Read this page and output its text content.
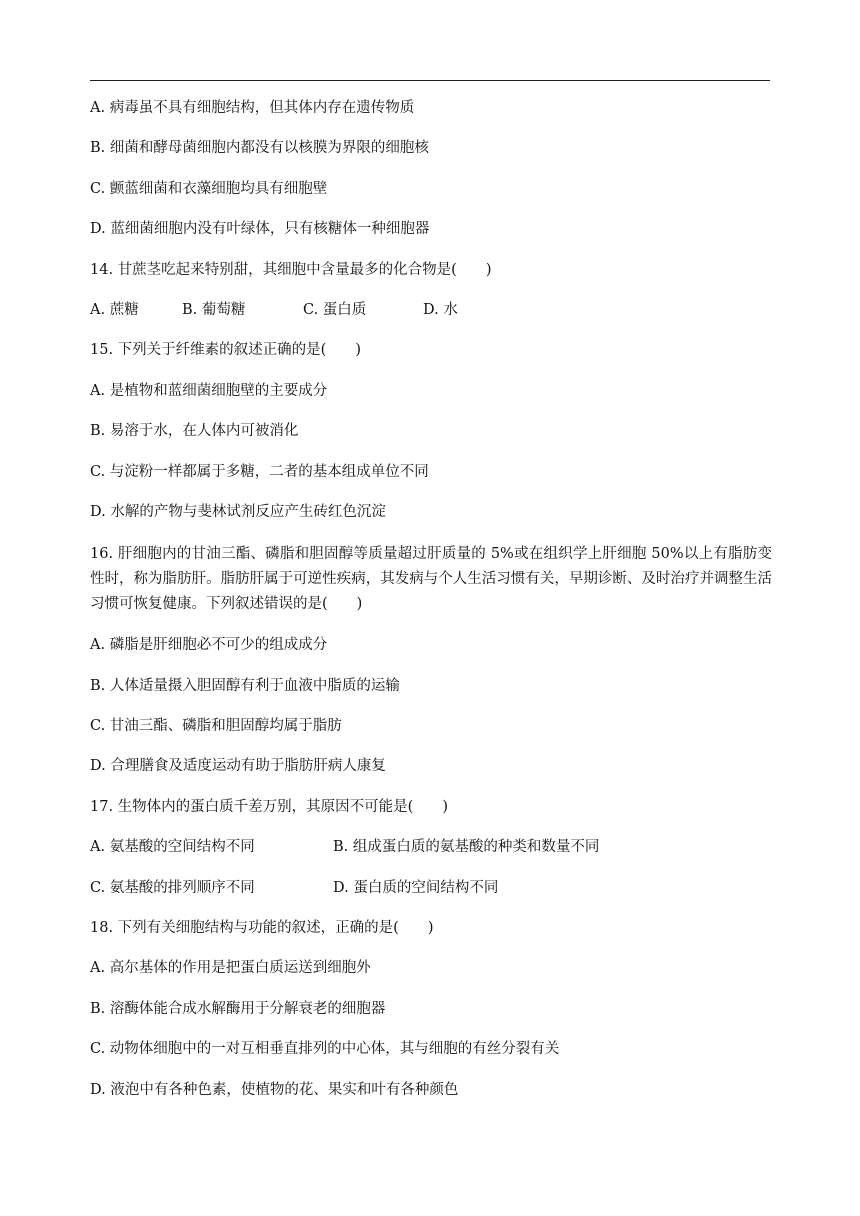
A. 病毒虽不具有细胞结构，但其体内存在遗传物质
B. 细菌和酵母菌细胞内都没有以核膜为界限的细胞核
C. 颤蓝细菌和衣藻细胞均具有细胞壁
D. 蓝细菌细胞内没有叶绿体，只有核糖体一种细胞器
14. 甘蔗茎吃起来特别甜，其细胞中含量最多的化合物是(　　)
A. 蔗糖	B. 葡萄糖	C. 蛋白质	D. 水
15. 下列关于纤维素的叙述正确的是(　　)
A. 是植物和蓝细菌细胞壁的主要成分
B. 易溶于水，在人体内可被消化
C. 与淀粉一样都属于多糖，二者的基本组成单位不同
D. 水解的产物与斐林试剂反应产生砖红色沉淀
16. 肝细胞内的甘油三酯、磷脂和胆固醇等质量超过肝质量的 5%或在组织学上肝细胞 50%以上有脂肪变性时，称为脂肪肝。脂肪肝属于可逆性疾病，其发病与个人生活习惯有关，早期诊断、及时治疗并调整生活习惯可恢复健康。下列叙述错误的是(　　)
A. 磷脂是肝细胞必不可少的组成成分
B. 人体适量摄入胆固醇有利于血液中脂质的运输
C. 甘油三酯、磷脂和胆固醇均属于脂肪
D. 合理膳食及适度运动有助于脂肪肝病人康复
17. 生物体内的蛋白质千差万别，其原因不可能是(　　)
A. 氨基酸的空间结构不同	B. 组成蛋白质的氨基酸的种类和数量不同
C. 氨基酸的排列顺序不同	D. 蛋白质的空间结构不同
18. 下列有关细胞结构与功能的叙述，正确的是(　　)
A. 高尔基体的作用是把蛋白质运送到细胞外
B. 溶酶体能合成水解酶用于分解衰老的细胞器
C. 动物体细胞中的一对互相垂直排列的中心体，其与细胞的有丝分裂有关
D. 液泡中有各种色素，使植物的花、果实和叶有各种颜色
